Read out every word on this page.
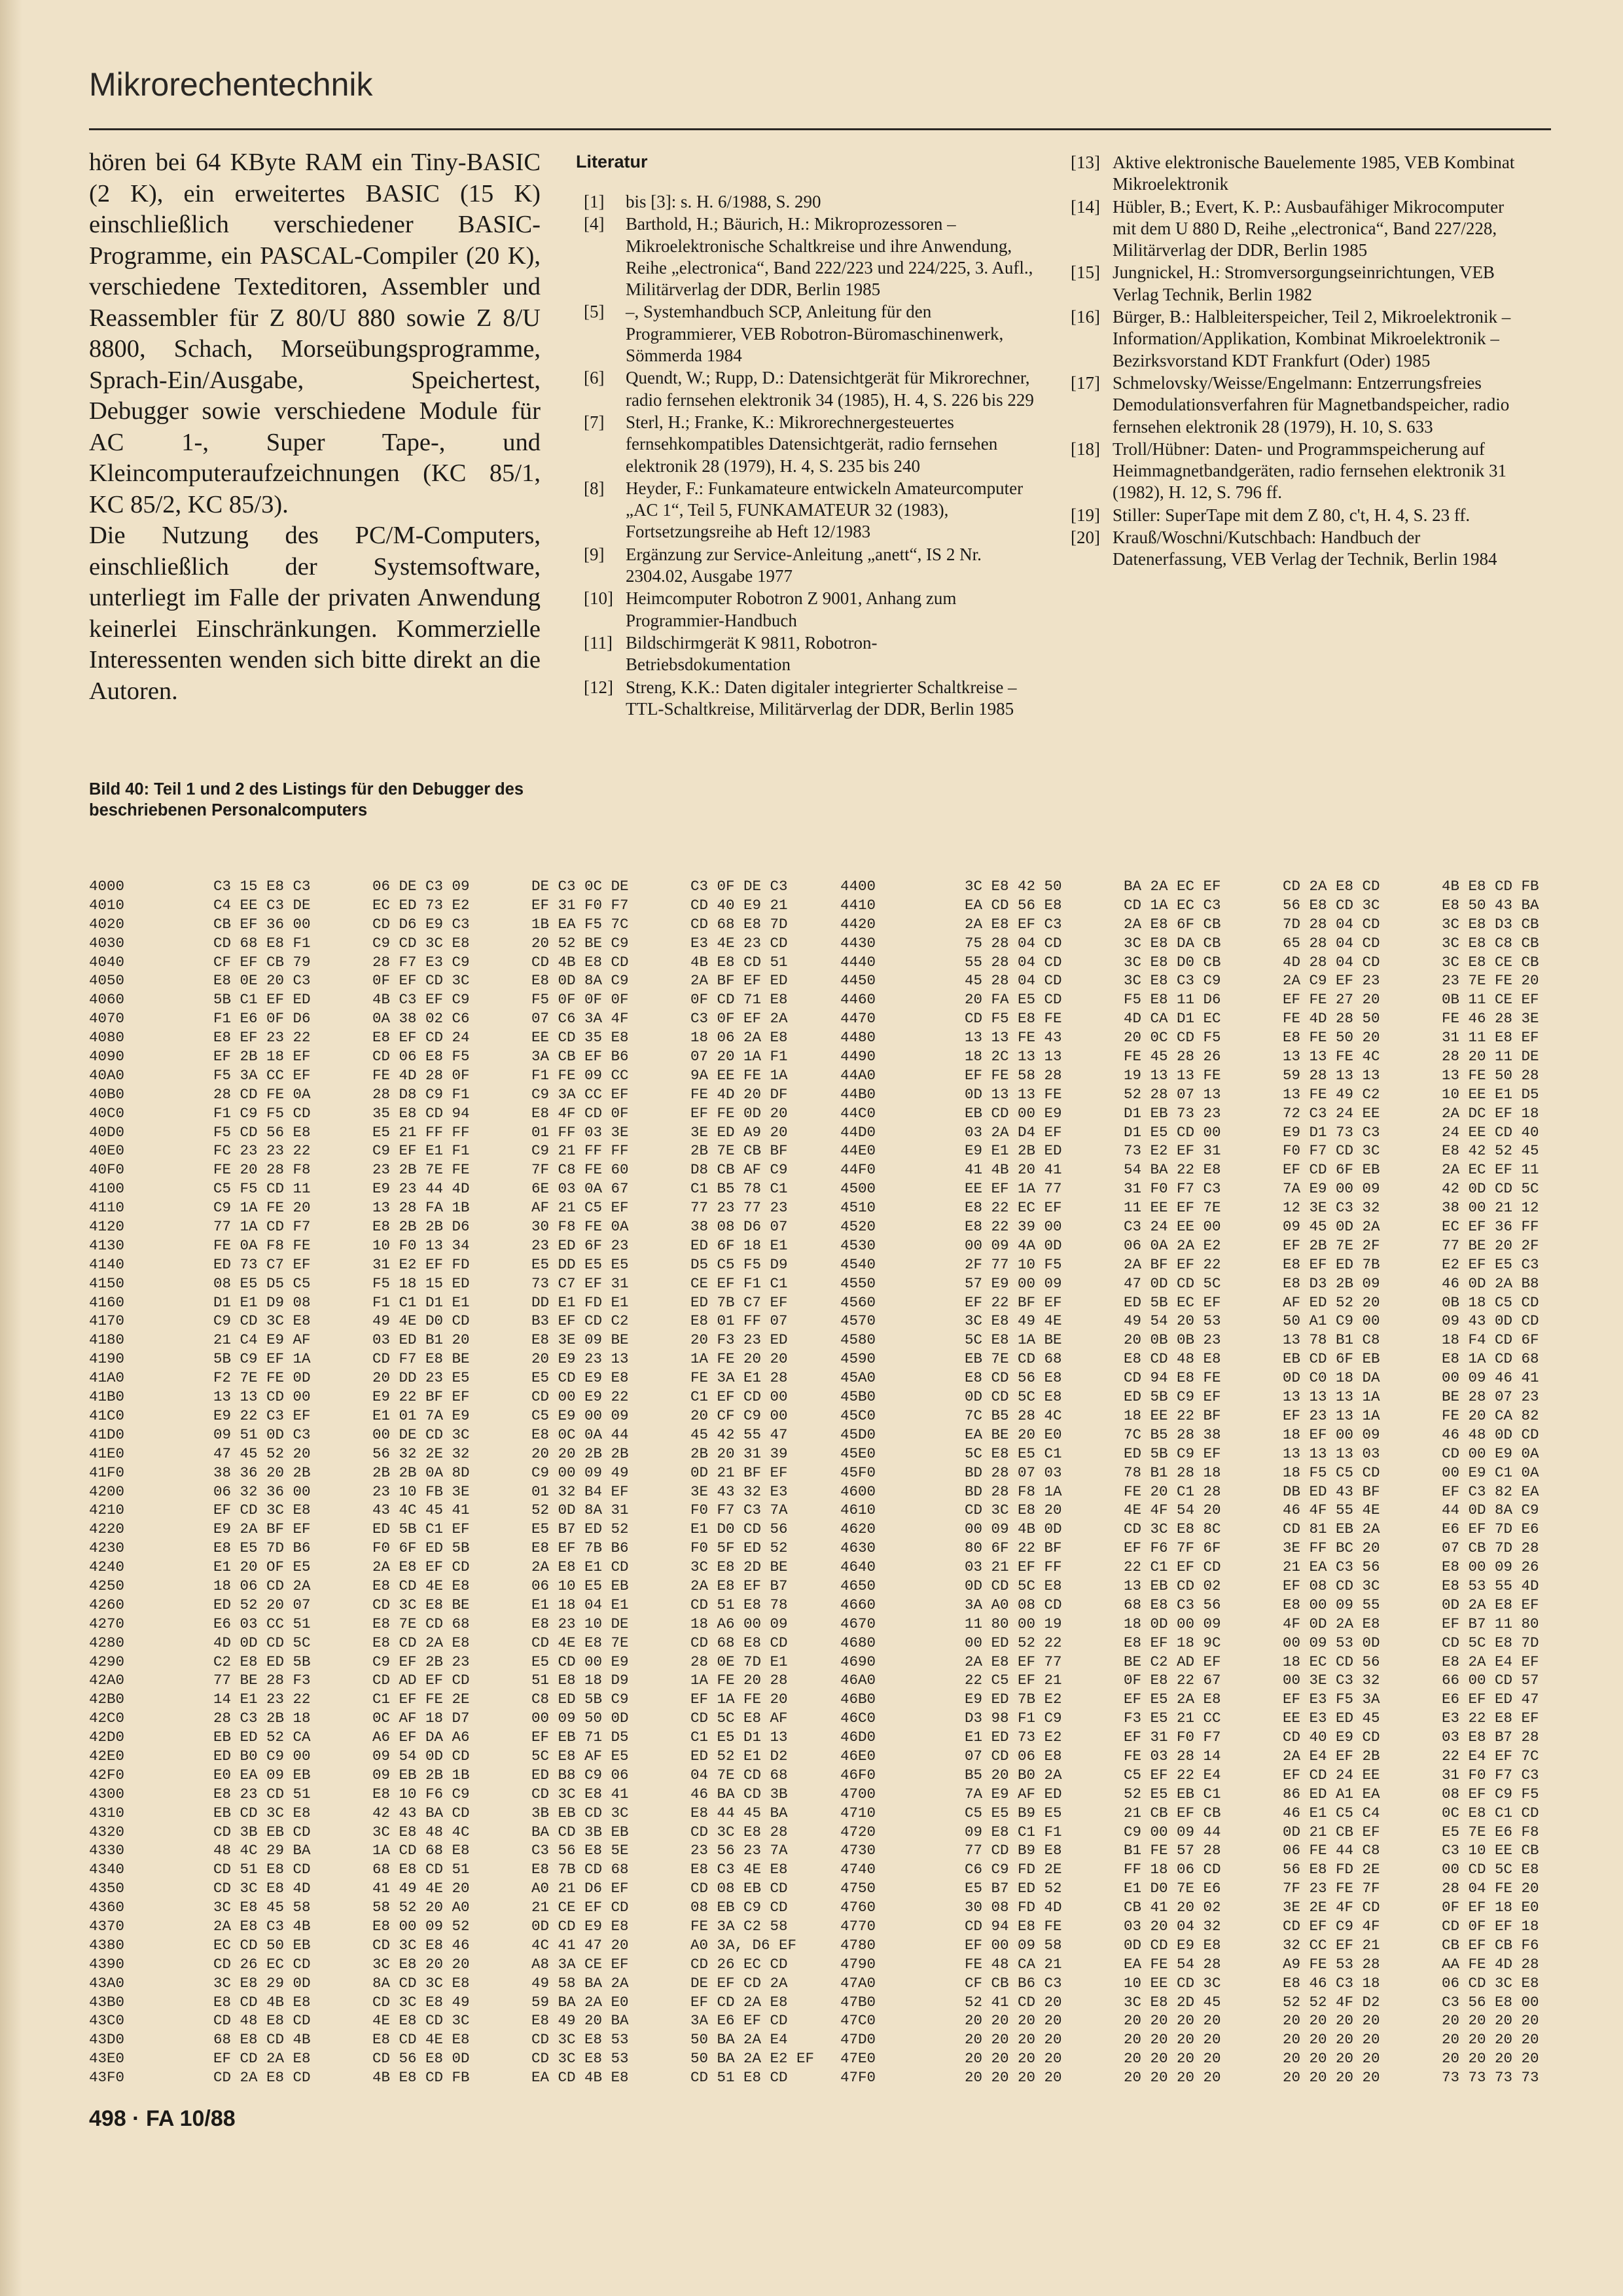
Mikrorechentechnik

hören bei 64 KByte RAM ein Tiny-BASIC (2 K), ein erweitertes BASIC (15 K) einschließlich verschiedener BASIC-Programme, ein PASCAL-Compiler (20 K), verschiedene Texteditoren, Assembler und Reassembler für Z 80/U 880 sowie Z 8/U 8800, Schach, Morseübungsprogramme, Sprach-Ein/Ausgabe, Speichertest, Debugger sowie verschiedene Module für AC 1-, Super Tape-, und Kleincomputeraufzeichnungen (KC 85/1, KC 85/2, KC 85/3).

Die Nutzung des PC/M-Computers, einschließlich der Systemsoftware, unterliegt im Falle der privaten Anwendung keinerlei Einschränkungen. Kommerzielle Interessenten wenden sich bitte direkt an die Autoren.

Literatur
[1] bis [3]: s. H. 6/1988, S. 290
[4] Barthold, H.; Bäurich, H.: Mikroprozessoren – Mikroelektronische Schaltkreise und ihre Anwendung, Reihe „electronica“, Band 222/223 und 224/225, 3. Aufl., Militärverlag der DDR, Berlin 1985
[5] –, Systemhandbuch SCP, Anleitung für den Programmierer, VEB Robotron-Büromaschinenwerk, Sömmerda 1984
[6] Quendt, W.; Rupp, D.: Datensichtgerät für Mikrorechner, radio fernsehen elektronik 34 (1985), H. 4, S. 226 bis 229
[7] Sterl, H.; Franke, K.: Mikrorechnergesteuertes fernsehkompatibles Datensichtgerät, radio fernsehen elektronik 28 (1979), H. 4, S. 235 bis 240
[8] Heyder, F.: Funkamateure entwickeln Amateurcomputer „AC 1“, Teil 5, FUNKAMATEUR 32 (1983), Fortsetzungsreihe ab Heft 12/1983
[9] Ergänzung zur Service-Anleitung „anett“, IS 2 Nr. 2304.02, Ausgabe 1977
[10] Heimcomputer Robotron Z 9001, Anhang zum Programmier-Handbuch
[11] Bildschirmgerät K 9811, Robotron-Betriebsdokumentation
[12] Streng, K.K.: Daten digitaler integrierter Schaltkreise – TTL-Schaltkreise, Militärverlag der DDR, Berlin 1985
[13] Aktive elektronische Bauelemente 1985, VEB Kombinat Mikroelektronik
[14] Hübler, B.; Evert, K. P.: Ausbaufähiger Mikrocomputer mit dem U 880 D, Reihe „electronica“, Band 227/228, Militärverlag der DDR, Berlin 1985
[15] Jungnickel, H.: Stromversorgungseinrichtungen, VEB Verlag Technik, Berlin 1982
[16] Bürger, B.: Halbleiterspeicher, Teil 2, Mikroelektronik – Information/Applikation, Kombinat Mikroelektronik – Bezirksvorstand KDT Frankfurt (Oder) 1985
[17] Schmelovsky/Weisse/Engelmann: Entzerrungsfreies Demodulationsverfahren für Magnetbandspeicher, radio fernsehen elektronik 28 (1979), H. 10, S. 633
[18] Troll/Hübner: Daten- und Programmspeicherung auf Heimmagnetbandgeräten, radio fernsehen elektronik 31 (1982), H. 12, S. 796 ff.
[19] Stiller: SuperTape mit dem Z 80, c't, H. 4, S. 23 ff.
[20] Krauß/Woschni/Kutschbach: Handbuch der Datenerfassung, VEB Verlag der Technik, Berlin 1984
Bild 40: Teil 1 und 2 des Listings für den Debugger des beschriebenen Personalcomputers
4000	C3 15 E8 C3	06 DE C3 09	DE C3 0C DE	C3 0F DE C3
4010	C4 EE C3 DE	EC ED 73 E2	EF 31 F0 F7	CD 40 E9 21
4020	CB EF 36 00	CD D6 E9 C3	1B EA F5 7C	CD 68 E8 7D
4030	CD 68 E8 F1	C9 CD 3C E8	20 52 BE C9	E3 4E 23 CD
4040	CF EF CB 79	28 F7 E3 C9	CD 4B E8 CD	4B E8 CD 51
4050	E8 0E 20 C3	0F EF CD 3C	E8 0D 8A C9	2A BF EF ED
4060	5B C1 EF ED	4B C3 EF C9	F5 0F 0F 0F	0F CD 71 E8
4070	F1 E6 0F D6	0A 38 02 C6	07 C6 3A 4F	C3 0F EF 2A
4080	E8 EF 23 22	E8 EF CD 24	EE CD 35 E8	18 06 2A E8
4090	EF 2B 18 EF	CD 06 E8 F5	3A CB EF B6	07 20 1A F1
40A0	F5 3A CC EF	FE 4D 28 0F	F1 FE 09 CC	9A EE FE 1A
40B0	28 CD FE 0A	28 D8 C9 F1	C9 3A CC EF	FE 4D 20 DF
40C0	F1 C9 F5 CD	35 E8 CD 94	E8 4F CD 0F	EF FE 0D 20
40D0	F5 CD 56 E8	E5 21 FF FF	01 FF 03 3E	3E ED A9 20
40E0	FC 23 23 22	C9 EF E1 F1	C9 21 FF FF	2B 7E CB BF
40F0	FE 20 28 F8	23 2B 7E FE	7F C8 FE 60	D8 CB AF C9
4100	C5 F5 CD 11	E9 23 44 4D	6E 03 0A 67	C1 B5 78 C1
4110	C9 1A FE 20	13 28 FA 1B	AF 21 C5 EF	77 23 77 23
4120	77 1A CD F7	E8 2B 2B D6	30 F8 FE 0A	38 08 D6 07
4130	FE 0A F8 FE	10 F0 13 34	23 ED 6F 23	ED 6F 18 E1
4140	ED 73 C7 EF	31 E2 EF FD	E5 DD E5 E5	D5 C5 F5 D9
4150	08 E5 D5 C5	F5 18 15 ED	73 C7 EF 31	CE EF F1 C1
4160	D1 E1 D9 08	F1 C1 D1 E1	DD E1 FD E1	ED 7B C7 EF
4170	C9 CD 3C E8	49 4E D0 CD	B3 EF CD C2	E8 01 FF 07
4180	21 C4 E9 AF	03 ED B1 20	E8 3E 09 BE	20 F3 23 ED
4190	5B C9 EF 1A	CD F7 E8 BE	20 E9 23 13	1A FE 20 20
41A0	F2 7E FE 0D	20 DD 23 E5	E5 CD E9 E8	FE 3A E1 28
41B0	13 13 CD 00	E9 22 BF EF	CD 00 E9 22	C1 EF CD 00
41C0	E9 22 C3 EF	E1 01 7A E9	C5 E9 00 09	20 CF C9 00
41D0	09 51 0D C3	00 DE CD 3C	E8 0C 0A 44	45 42 55 47
41E0	47 45 52 20	56 32 2E 32	20 20 2B 2B	2B 20 31 39
41F0	38 36 20 2B	2B 2B 0A 8D	C9 00 09 49	0D 21 BF EF
4200	06 32 36 00	23 10 FB 3E	01 32 B4 EF	3E 43 32 E3
4210	EF CD 3C E8	43 4C 45 41	52 0D 8A 31	F0 F7 C3 7A
4220	E9 2A BF EF	ED 5B C1 EF	E5 B7 ED 52	E1 D0 CD 56
4230	E8 E5 7D B6	F0 6F ED 5B	E8 EF 7B B6	F0 5F ED 52
4240	E1 20 OF E5	2A E8 EF CD	2A E8 E1 CD	3C E8 2D BE
4250	18 06 CD 2A	E8 CD 4E E8	06 10 E5 EB	2A E8 EF B7
4260	ED 52 20 07	CD 3C E8 BE	E1 18 04 E1	CD 51 E8 78
4270	E6 03 CC 51	E8 7E CD 68	E8 23 10 DE	18 A6 00 09
4280	4D 0D CD 5C	E8 CD 2A E8	CD 4E E8 7E	CD 68 E8 CD
4290	C2 E8 ED 5B	C9 EF 2B 23	E5 CD 00 E9	28 0E 7D E1
42A0	77 BE 28 F3	CD AD EF CD	51 E8 18 D9	1A FE 20 28
42B0	14 E1 23 22	C1 EF FE 2E	C8 ED 5B C9	EF 1A FE 20
42C0	28 C3 2B 18	0C AF 18 D7	00 09 50 0D	CD 5C E8 AF
42D0	EB ED 52 CA	A6 EF DA A6	EF EB 71 D5	C1 E5 D1 13
42E0	ED B0 C9 00	09 54 0D CD	5C E8 AF E5	ED 52 E1 D2
42F0	E0 EA 09 EB	09 EB 2B 1B	ED B8 C9 06	04 7E CD 68
4300	E8 23 CD 51	E8 10 F6 C9	CD 3C E8 41	46 BA CD 3B
4310	EB CD 3C E8	42 43 BA CD	3B EB CD 3C	E8 44 45 BA
4320	CD 3B EB CD	3C E8 48 4C	BA CD 3B EB	CD 3C E8 28
4330	48 4C 29 BA	1A CD 68 E8	C3 56 E8 5E	23 56 23 7A
4340	CD 51 E8 CD	68 E8 CD 51	E8 7B CD 68	E8 C3 4E E8
4350	CD 3C E8 4D	41 49 4E 20	A0 21 D6 EF	CD 08 EB CD
4360	3C E8 45 58	58 52 20 A0	21 CE EF CD	08 EB C9 CD
4370	2A E8 C3 4B	E8 00 09 52	0D CD E9 E8	FE 3A C2 58
4380	EC CD 50 EB	CD 3C E8 46	4C 41 47 20	A0 3A, D6 EF
4390	CD 26 EC CD	3C E8 20 20	A8 3A CE EF	CD 26 EC CD
43A0	3C E8 29 0D	8A CD 3C E8	49 58 BA 2A	DE EF CD 2A
43B0	E8 CD 4B E8	CD 3C E8 49	59 BA 2A E0	EF CD 2A E8
43C0	CD 48 E8 CD	4E E8 CD 3C	E8 49 20 BA	3A E6 EF CD
43D0	68 E8 CD 4B	E8 CD 4E E8	CD 3C E8 53	50 BA 2A E4
43E0	EF CD 2A E8	CD 56 E8 0D	CD 3C E8 53	50 BA 2A E2 EF
43F0	CD 2A E8 CD	4B E8 CD FB	EA CD 4B E8	CD 51 E8 CD
4400	3C E8 42 50	BA 2A EC EF	CD 2A E8 CD	4B E8 CD FB
4410	EA CD 56 E8	CD 1A EC C3	56 E8 CD 3C	E8 50 43 BA
4420	2A E8 EF C3	2A E8 6F CB	7D 28 04 CD	3C E8 D3 CB
4430	75 28 04 CD	3C E8 DA CB	65 28 04 CD	3C E8 C8 CB
4440	55 28 04 CD	3C E8 D0 CB	4D 28 04 CD	3C E8 CE CB
4450	45 28 04 CD	3C E8 C3 C9	2A C9 EF 23	23 7E FE 20
4460	20 FA E5 CD	F5 E8 11 D6	EF FE 27 20	0B 11 CE EF
4470	CD F5 E8 FE	4D CA D1 EC	FE 4D 28 50	FE 46 28 3E
4480	13 13 FE 43	20 0C CD F5	E8 FE 50 20	31 11 E8 EF
4490	18 2C 13 13	FE 45 28 26	13 13 FE 4C	28 20 11 DE
44A0	EF FE 58 28	19 13 13 FE	59 28 13 13	13 FE 50 28
44B0	0D 13 13 FE	52 28 07 13	13 FE 49 C2	10 EE E1 D5
44C0	EB CD 00 E9	D1 EB 73 23	72 C3 24 EE	2A DC EF 18
44D0	03 2A D4 EF	D1 E5 CD 00	E9 D1 73 C3	24 EE CD 40
44E0	E9 E1 2B ED	73 E2 EF 31	F0 F7 CD 3C	E8 42 52 45
44F0	41 4B 20 41	54 BA 22 E8	EF CD 6F EB	2A EC EF 11
4500	EE EF 1A 77	31 F0 F7 C3	7A E9 00 09	42 0D CD 5C
4510	E8 22 EC EF	11 EE EF 7E	12 3E C3 32	38 00 21 12
4520	E8 22 39 00	C3 24 EE 00	09 45 0D 2A	EC EF 36 FF
4530	00 09 4A 0D	06 0A 2A E2	EF 2B 7E 2F	77 BE 20 2F
4540	2F 77 10 F5	2A BF EF 22	E8 EF ED 7B	E2 EF E5 C3
4550	57 E9 00 09	47 0D CD 5C	E8 D3 2B 09	46 0D 2A B8
4560	EF 22 BF EF	ED 5B EC EF	AF ED 52 20	0B 18 C5 CD
4570	3C E8 49 4E	49 54 20 53	50 A1 C9 00	09 43 0D CD
4580	5C E8 1A BE	20 0B 0B 23	13 78 B1 C8	18 F4 CD 6F
4590	EB 7E CD 68	E8 CD 48 E8	EB CD 6F EB	E8 1A CD 68
45A0	E8 CD 56 E8	CD 94 E8 FE	0D C0 18 DA	00 09 46 41
45B0	0D CD 5C E8	ED 5B C9 EF	13 13 13 1A	BE 28 07 23
45C0	7C B5 28 4C	18 EE 22 BF	EF 23 13 1A	FE 20 CA 82
45D0	EA BE 20 E0	7C B5 28 38	18 EF 00 09	46 48 0D CD
45E0	5C E8 E5 C1	ED 5B C9 EF	13 13 13 03	CD 00 E9 0A
45F0	BD 28 07 03	78 B1 28 18	18 F5 C5 CD	00 E9 C1 0A
4600	BD 28 F8 1A	FE 20 C1 28	DB ED 43 BF	EF C3 82 EA
4610	CD 3C E8 20	4E 4F 54 20	46 4F 55 4E	44 0D 8A C9
4620	00 09 4B 0D	CD 3C E8 8C	CD 81 EB 2A	E6 EF 7D E6
4630	80 6F 22 BF	EF F6 7F 6F	3E FF BC 20	07 CB 7D 28
4640	03 21 EF FF	22 C1 EF CD	21 EA C3 56	E8 00 09 26
4650	0D CD 5C E8	13 EB CD 02	EF 08 CD 3C	E8 53 55 4D
4660	3A A0 08 CD	68 E8 C3 56	E8 00 09 55	0D 2A E8 EF
4670	11 80 00 19	18 0D 00 09	4F 0D 2A E8	EF B7 11 80
4680	00 ED 52 22	E8 EF 18 9C	00 09 53 0D	CD 5C E8 7D
4690	2A E8 EF 77	BE C2 AD EF	18 EC CD 56	E8 2A E4 EF
46A0	22 C5 EF 21	0F E8 22 67	00 3E C3 32	66 00 CD 57
46B0	E9 ED 7B E2	EF E5 2A E8	EF E3 F5 3A	E6 EF ED 47
46C0	D3 98 F1 C9	F3 E5 21 CC	EE E3 ED 45	E3 22 E8 EF
46D0	E1 ED 73 E2	EF 31 F0 F7	CD 40 E9 CD	03 E8 B7 28
46E0	07 CD 06 E8	FE 03 28 14	2A E4 EF 2B	22 E4 EF 7C
46F0	B5 20 B0 2A	C5 EF 22 E4	EF CD 24 EE	31 F0 F7 C3
4700	7A E9 AF ED	52 E5 EB C1	86 ED A1 EA	08 EF C9 F5
4710	C5 E5 B9 E5	21 CB EF CB	46 E1 C5 C4	0C E8 C1 CD
4720	09 E8 C1 F1	C9 00 09 44	0D 21 CB EF	E5 7E E6 F8
4730	77 CD B9 E8	B1 FE 57 28	06 FE 44 C8	C3 10 EE CB
4740	C6 C9 FD 2E	FF 18 06 CD	56 E8 FD 2E	00 CD 5C E8
4750	E5 B7 ED 52	E1 D0 7E E6	7F 23 FE 7F	28 04 FE 20
4760	30 08 FD 4D	CB 41 20 02	3E 2E 4F CD	0F EF 18 E0
4770	CD 94 E8 FE	03 20 04 32	CD EF C9 4F	CD 0F EF 18
4780	EF 00 09 58	0D CD E9 E8	32 CC EF 21	CB EF CB F6
4790	FE 48 CA 21	EA FE 54 28	A9 FE 53 28	AA FE 4D 28
47A0	CF CB B6 C3	10 EE CD 3C	E8 46 C3 18	06 CD 3C E8
47B0	52 41 CD 20	3C E8 2D 45	52 52 4F D2	C3 56 E8 00
47C0	20 20 20 20	20 20 20 20	20 20 20 20	20 20 20 20
47D0	20 20 20 20	20 20 20 20	20 20 20 20	20 20 20 20
47E0	20 20 20 20	20 20 20 20	20 20 20 20	20 20 20 20
47F0	20 20 20 20	20 20 20 20	20 20 20 20	73 73 73 73
498 · FA 10/88
